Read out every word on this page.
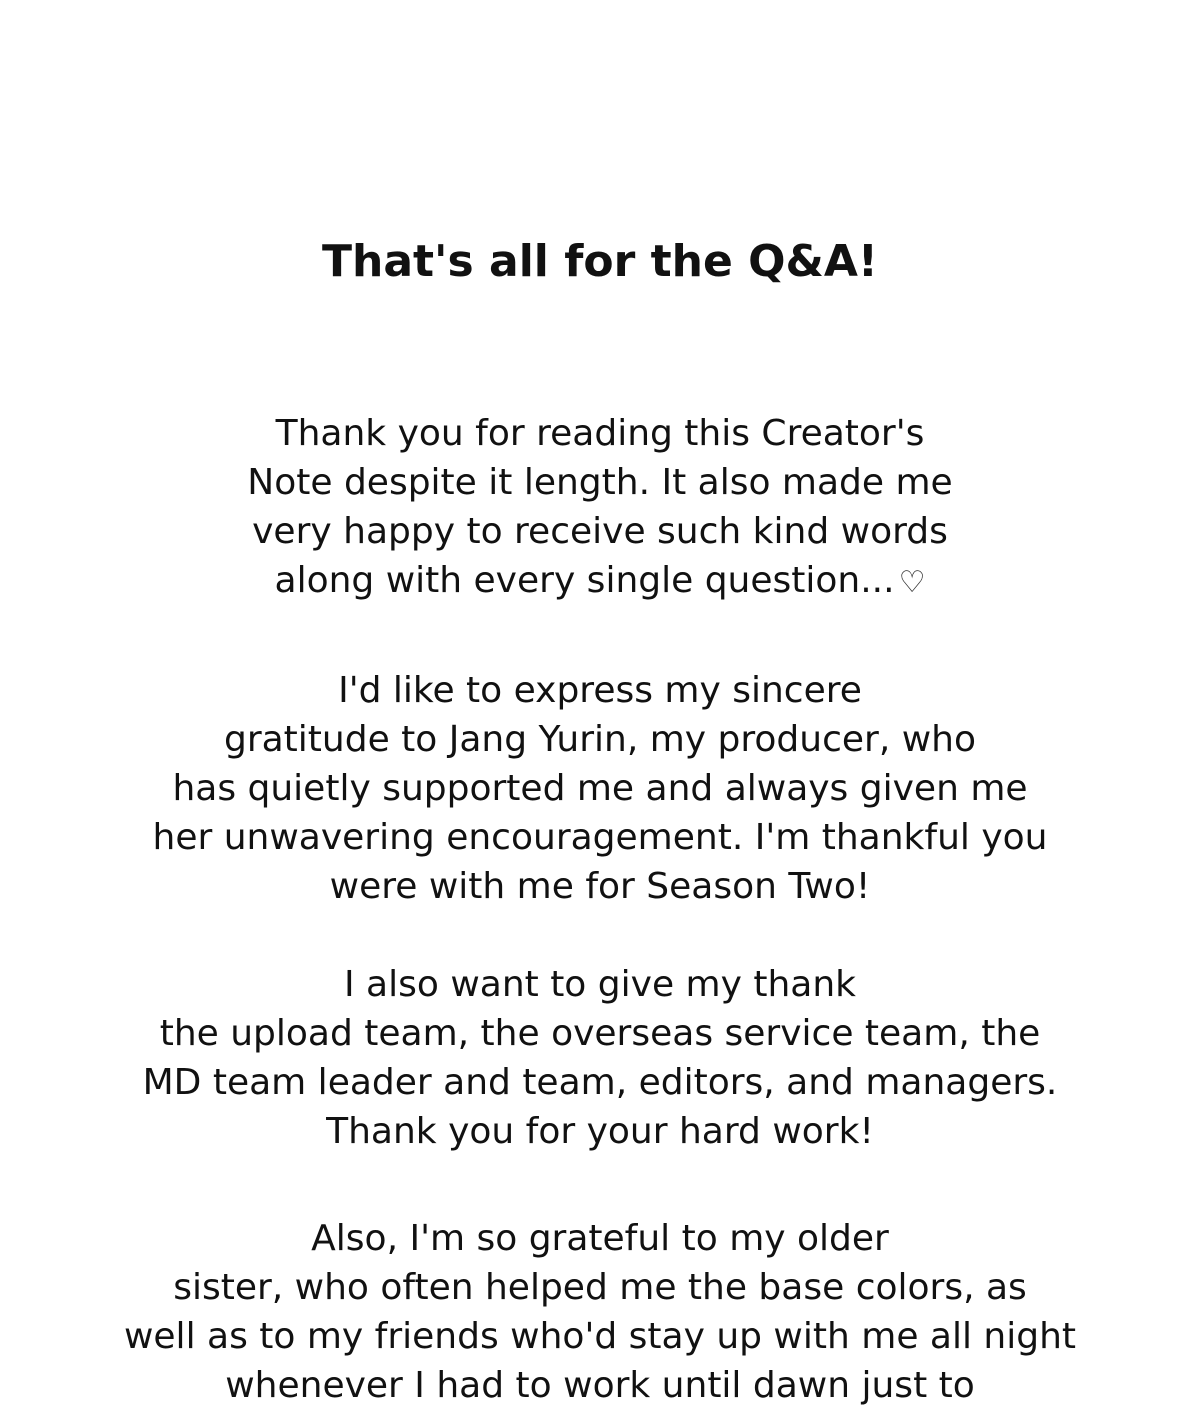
That's all for the Q&A!
Thank you for reading this Creator's
Note despite it length. It also made me
very happy to receive such kind words
along with every single question... ♡
I'd like to express my sincere
gratitude to Jang Yurin, my producer, who
has quietly supported me and always given me
her unwavering encouragement. I'm thankful you
were with me for Season Two!
I also want to give my thank
the upload team, the overseas service team, the
MD team leader and team, editors, and managers.
Thank you for your hard work!
Also, I'm so grateful to my older
sister, who often helped me the base colors, as
well as to my friends who'd stay up with me all night
whenever I had to work until dawn just to
